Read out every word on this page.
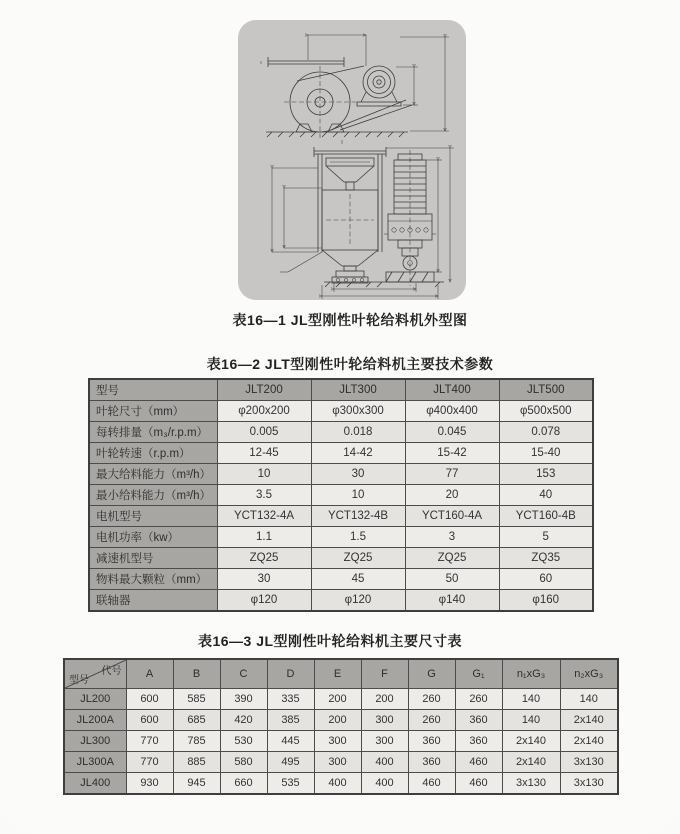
表16—1 JL型刚性叶轮给料机外型图
表16—2 JLT型刚性叶轮给料机主要技术参数
表16—3 JL型刚性叶轮给料机主要尺寸表
型号	JLT200	JLT300	JLT400	JLT500
叶轮尺寸（mm）	φ200x200	φ300x300	φ400x400	φ500x500
每转排量（m₃/r.p.m）	0.005	0.018	0.045	0.078
叶轮转速（r.p.m）	12-45	14-42	15-42	15-40
最大给料能力（m³/h）	10	30	77	153
最小给料能力（m³/h）	3.5	10	20	40
电机型号	YCT132-4A	YCT132-4B	YCT160-4A	YCT160-4B
电机功率（kw）	1.1	1.5	3	5
减速机型号	ZQ25	ZQ25	ZQ25	ZQ35
物料最大颗粒（mm）	30	45	50	60
联轴器	φ120	φ120	φ140	φ160
代号
型号	A	B	C	D	E	F	G	G₁	n₁xG₃	n₂xG₃
JL200	600	585	390	335	200	200	260	260	140	140
JL200A	600	685	420	385	200	300	260	360	140	2x140
JL300	770	785	530	445	300	300	360	360	2x140	2x140
JL300A	770	885	580	495	300	400	360	460	2x140	3x130
JL400	930	945	660	535	400	400	460	460	3x130	3x130
